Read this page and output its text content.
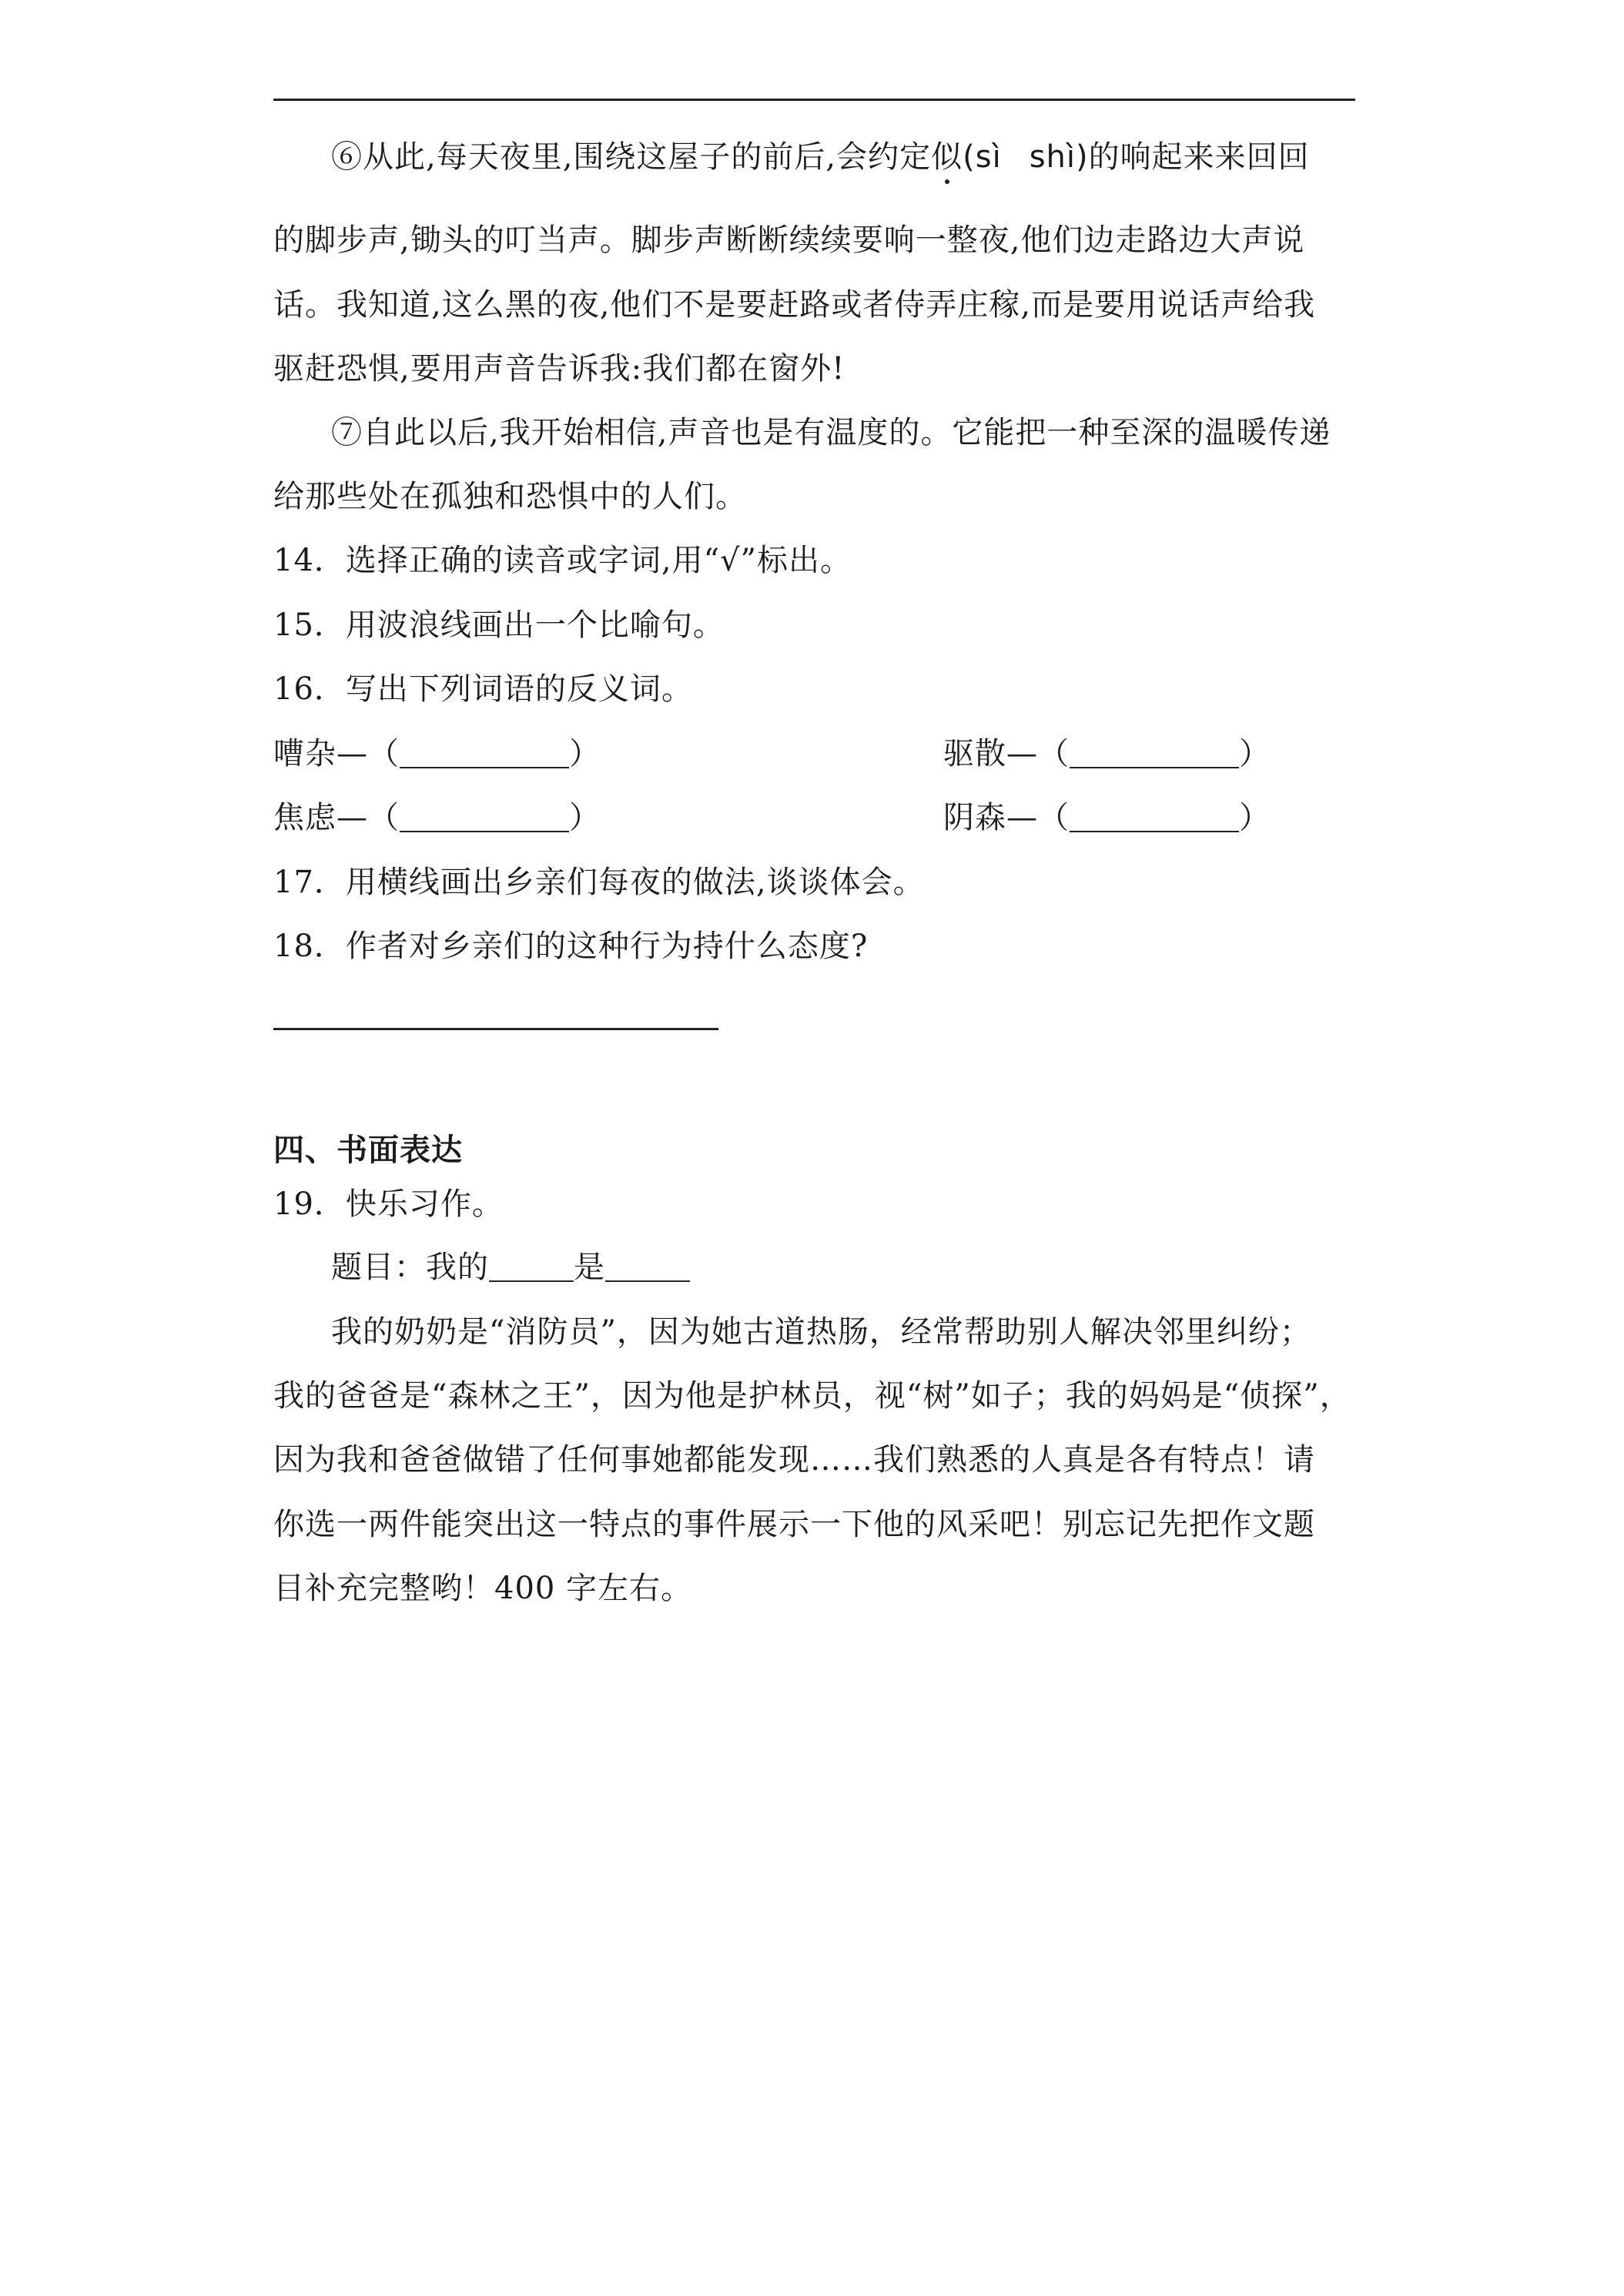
⑥从此,每天夜里,围绕这屋子的前后,会约定似(sì shì)的响起来来回回
的脚步声,锄头的叮当声。脚步声断断续续要响一整夜,他们边走路边大声说
话。我知道,这么黑的夜,他们不是要赶路或者侍弄庄稼,而是要用说话声给我
驱赶恐惧,要用声音告诉我:我们都在窗外!
⑦自此以后,我开始相信,声音也是有温度的。它能把一种至深的温暖传递
给那些处在孤独和恐惧中的人们。
14．选择正确的读音或字词,用“√”标出。
15．用波浪线画出一个比喻句。
16．写出下列词语的反义词。
嘈杂—（	）	驱散—（	）
焦虑—（	）	阴森—（	）
17．用横线画出乡亲们每夜的做法,谈谈体会。
18．作者对乡亲们的这种行为持什么态度?
四、书面表达
19．快乐习作。
题目：我的	是
我的奶奶是“消防员”，因为她古道热肠，经常帮助别人解决邻里纠纷；
我的爸爸是“森林之王”，因为他是护林员，视“树”如子；我的妈妈是“侦探”，
因为我和爸爸做错了任何事她都能发现……我们熟悉的人真是各有特点！请
你选一两件能突出这一特点的事件展示一下他的风采吧！别忘记先把作文题
目补充完整哟！400 字左右。
